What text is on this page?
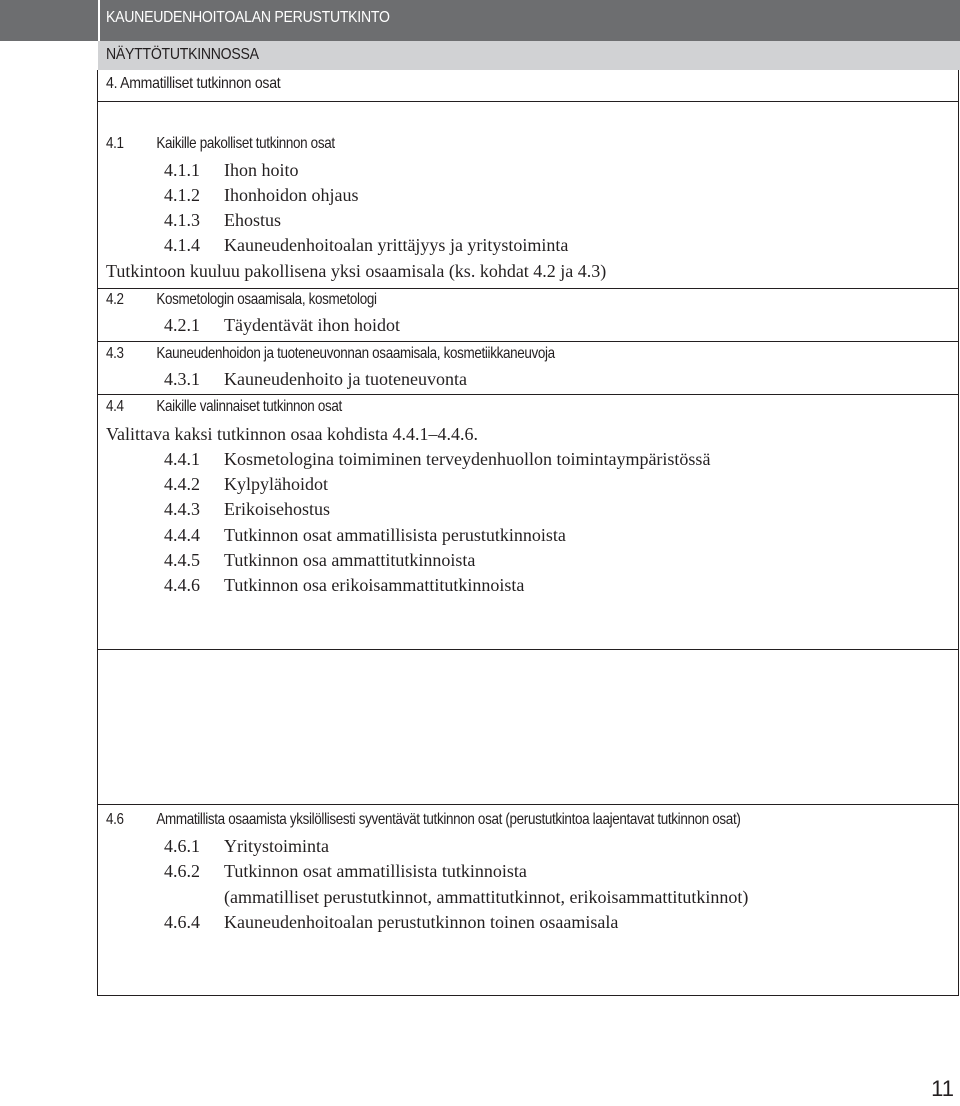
KAUNEUDENHOITOALAN PERUSTUTKINTO
NÄYTTÖTUTKINNOSSA
4. Ammatilliset tutkinnon osat
4.1 Kaikille pakolliset tutkinnon osat
4.1.1 Ihon hoito
4.1.2 Ihonhoidon ohjaus
4.1.3 Ehostus
4.1.4 Kauneudenhoitoalan yrittäjyys ja yritystoiminta
Tutkintoon kuuluu pakollisena yksi osaamisala (ks. kohdat 4.2 ja 4.3)
4.2 Kosmetologin osaamisala, kosmetologi
4.2.1 Täydentävät ihon hoidot
4.3 Kauneudenhoidon ja tuoteneuvonnan osaamisala, kosmetiikkaneuvoja
4.3.1 Kauneudenhoito ja tuoteneuvonta
4.4 Kaikille valinnaiset tutkinnon osat
Valittava kaksi tutkinnon osaa kohdista 4.4.1–4.4.6.
4.4.1 Kosmetologina toimiminen terveydenhuollon toimintaympäristössä
4.4.2 Kylpylähoidot
4.4.3 Erikoisehostus
4.4.4 Tutkinnon osat ammatillisista perustutkinnoista
4.4.5 Tutkinnon osa ammattitutkinnoista
4.4.6 Tutkinnon osa erikoisammattitutkinnoista
4.6 Ammatillista osaamista yksilöllisesti syventävät tutkinnon osat (perustutkintoa laajentavat tutkinnon osat)
4.6.1 Yritystoiminta
4.6.2 Tutkinnon osat ammatillisista tutkinnoista
(ammatilliset perustutkinnot, ammattitutkinnot, erikoisammattitutkinnot)
4.6.4 Kauneudenhoitoalan perustutkinnon toinen osaamisala
11
